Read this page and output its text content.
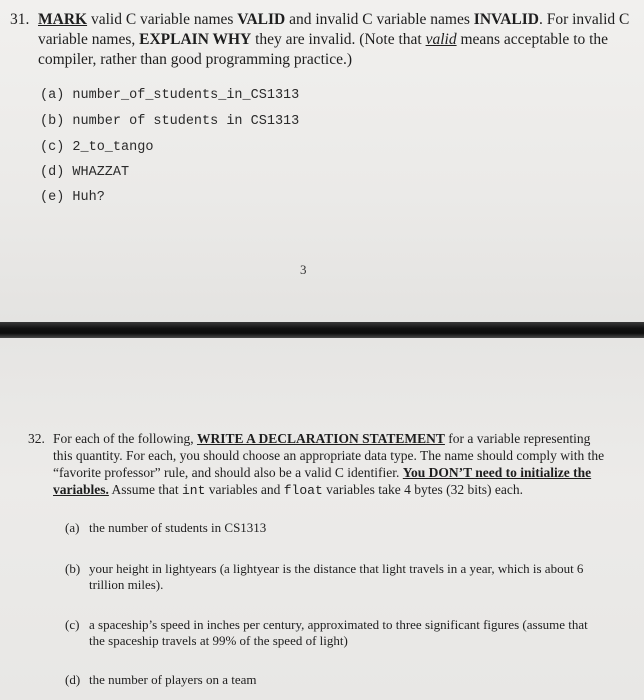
31. MARK valid C variable names VALID and invalid C variable names INVALID. For invalid C variable names, EXPLAIN WHY they are invalid. (Note that valid means acceptable to the compiler, rather than good programming practice.)
(a) number_of_students_in_CS1313
(b) number of students in CS1313
(c) 2_to_tango
(d) WHAZZAT
(e) Huh?
3
32. For each of the following, WRITE A DECLARATION STATEMENT for a variable representing this quantity. For each, you should choose an appropriate data type. The name should comply with the “favorite professor” rule, and should also be a valid C identifier. You DON’T need to initialize the variables. Assume that int variables and float variables take 4 bytes (32 bits) each.
(a) the number of students in CS1313
(b) your height in lightyears (a lightyear is the distance that light travels in a year, which is about 6 trillion miles).
(c) a spaceship’s speed in inches per century, approximated to three significant figures (assume that the spaceship travels at 99% of the speed of light)
(d) the number of players on a team
